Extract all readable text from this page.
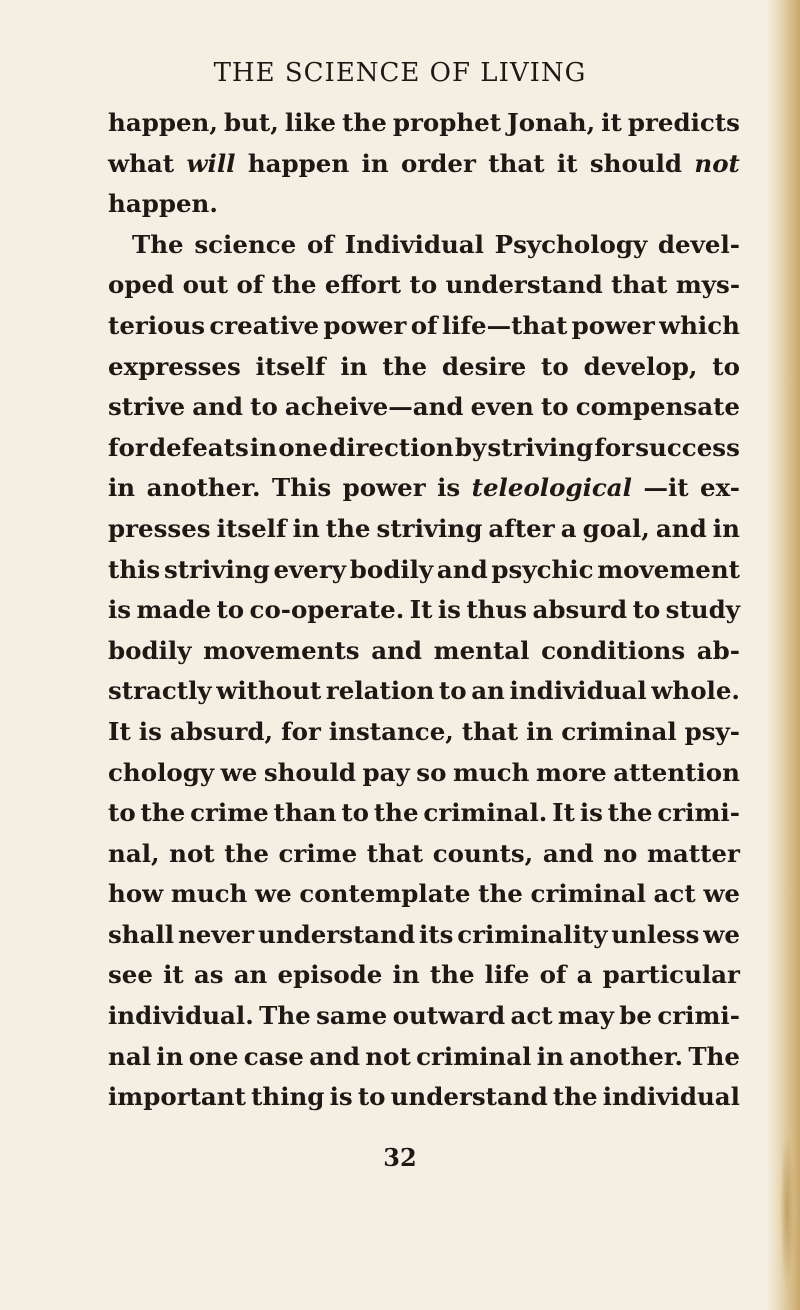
THE SCIENCE OF LIVING
happen, but, like the prophet Jonah, it predicts
what will happen in order that it should not
happen.
The science of Individual Psychology devel-
oped out of the effort to understand that mys-
terious creative power of life—that power which
expresses itself in the desire to develop, to
strive and to acheive—and even to compensate
for defeats in one direction by striving for success
in another. This power is teleological —it ex-
presses itself in the striving after a goal, and in
this striving every bodily and psychic movement
is made to co-operate. It is thus absurd to study
bodily movements and mental conditions ab-
stractly without relation to an individual whole.
It is absurd, for instance, that in criminal psy-
chology we should pay so much more attention
to the crime than to the criminal. It is the crimi-
nal, not the crime that counts, and no matter
how much we contemplate the criminal act we
shall never understand its criminality unless we
see it as an episode in the life of a particular
individual. The same outward act may be crimi-
nal in one case and not criminal in another. The
important thing is to understand the individual
32
